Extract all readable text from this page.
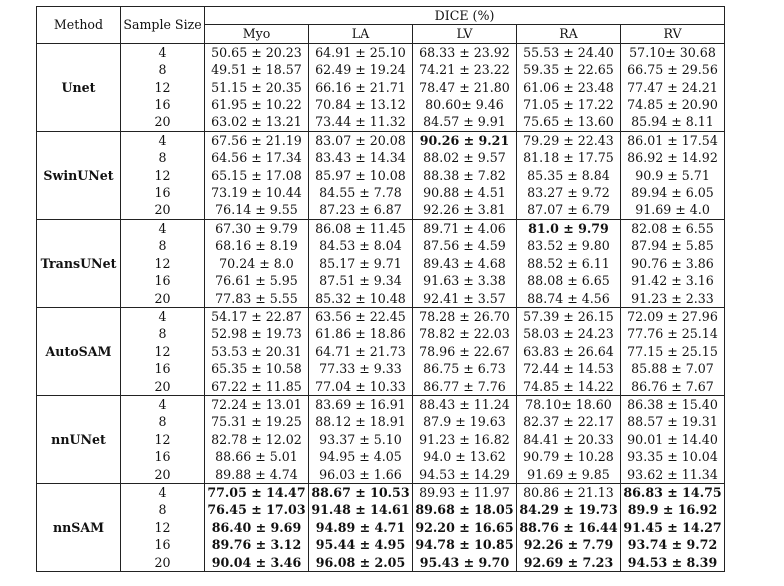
Method	Sample Size	DICE (%)				
		Myo	LA	LV	RA	RV
Unet	4	50.65 ± 20.23	64.91 ± 25.10	68.33 ± 23.92	55.53 ± 24.40	57.10± 30.68
	8	49.51 ± 18.57	62.49 ± 19.24	74.21 ± 23.22	59.35 ± 22.65	66.75 ± 29.56
	12	51.15 ± 20.35	66.16 ± 21.71	78.47 ± 21.80	61.06 ± 23.48	77.47 ± 24.21
	16	61.95 ± 10.22	70.84 ± 13.12	80.60± 9.46	71.05 ± 17.22	74.85 ± 20.90
	20	63.02 ± 13.21	73.44 ± 11.32	84.57 ± 9.91	75.65 ± 13.60	85.94 ± 8.11
SwinUNet	4	67.56 ± 21.19	83.07 ± 20.08	90.26 ± 9.21	79.29 ± 22.43	86.01 ± 17.54
	8	64.56 ± 17.34	83.43 ± 14.34	88.02 ± 9.57	81.18 ± 17.75	86.92 ± 14.92
	12	65.15 ± 17.08	85.97 ± 10.08	88.38 ± 7.82	85.35 ± 8.84	90.9 ± 5.71
	16	73.19 ± 10.44	84.55 ± 7.78	90.88 ± 4.51	83.27 ± 9.72	89.94 ± 6.05
	20	76.14 ± 9.55	87.23 ± 6.87	92.26 ± 3.81	87.07 ± 6.79	91.69 ± 4.0
TransUNet	4	67.30 ± 9.79	86.08 ± 11.45	89.71 ± 4.06	81.0 ± 9.79	82.08 ± 6.55
	8	68.16 ± 8.19	84.53 ± 8.04	87.56 ± 4.59	83.52 ± 9.80	87.94 ± 5.85
	12	70.24 ± 8.0	85.17 ± 9.71	89.43 ± 4.68	88.52 ± 6.11	90.76 ± 3.86
	16	76.61 ± 5.95	87.51 ± 9.34	91.63 ± 3.38	88.08 ± 6.65	91.42 ± 3.16
	20	77.83 ± 5.55	85.32 ± 10.48	92.41 ± 3.57	88.74 ± 4.56	91.23 ± 2.33
AutoSAM	4	54.17 ± 22.87	63.56 ± 22.45	78.28 ± 26.70	57.39 ± 26.15	72.09 ± 27.96
	8	52.98 ± 19.73	61.86 ± 18.86	78.82 ± 22.03	58.03 ± 24.23	77.76 ± 25.14
	12	53.53 ± 20.31	64.71 ± 21.73	78.96 ± 22.67	63.83 ± 26.64	77.15 ± 25.15
	16	65.35 ± 10.58	77.33 ± 9.33	86.75 ± 6.73	72.44 ± 14.53	85.88 ± 7.07
	20	67.22 ± 11.85	77.04 ± 10.33	86.77 ± 7.76	74.85 ± 14.22	86.76 ± 7.67
nnUNet	4	72.24 ± 13.01	83.69 ± 16.91	88.43 ± 11.24	78.10± 18.60	86.38 ± 15.40
	8	75.31 ± 19.25	88.12 ± 18.91	87.9 ± 19.63	82.37 ± 22.17	88.57 ± 19.31
	12	82.78 ± 12.02	93.37 ± 5.10	91.23 ± 16.82	84.41 ± 20.33	90.01 ± 14.40
	16	88.66 ± 5.01	94.95 ± 4.05	94.0 ± 13.62	90.79 ± 10.28	93.35 ± 10.04
	20	89.88 ± 4.74	96.03 ± 1.66	94.53 ± 14.29	91.69 ± 9.85	93.62 ± 11.34
nnSAM	4	77.05 ± 14.47	88.67 ± 10.53	89.93 ± 11.97	80.86 ± 21.13	86.83 ± 14.75
	8	76.45 ± 17.03	91.48 ± 14.61	89.68 ± 18.05	84.29 ± 19.73	89.9 ± 16.92
	12	86.40 ± 9.69	94.89 ± 4.71	92.20 ± 16.65	88.76 ± 16.44	91.45 ± 14.27
	16	89.76 ± 3.12	95.44 ± 4.95	94.78 ± 10.85	92.26 ± 7.79	93.74 ± 9.72
	20	90.04 ± 3.46	96.08 ± 2.05	95.43 ± 9.70	92.69 ± 7.23	94.53 ± 8.39
